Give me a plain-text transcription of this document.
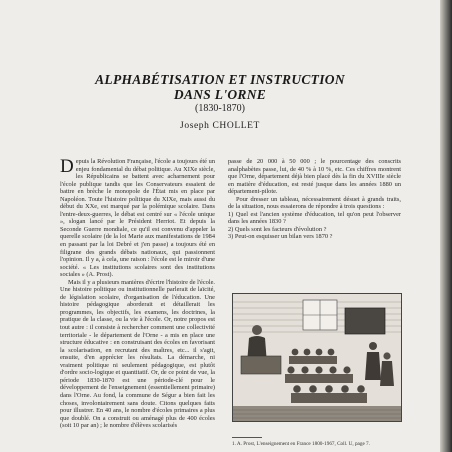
ALPHABÉTISATION ET INSTRUCTION
DANS L'ORNE
(1830-1870)
Joseph CHOLLET

Depuis la Révolution Française, l'école a toujours été un enjeu fondamental du débat politique. Au XIXe siècle, les Républicains se battent avec acharnement pour l'école publique tandis que les Conservateurs essaient de battre en brèche le monopole de l'État mis en place par Napoléon. Toute l'histoire politique du XIXe, mais aussi du début du XXe, est marqué par la polémique scolaire. Dans l'entre-deux-guerres, le débat est centré sur « l'école unique », slogan lancé par le Président Herriot. Et depuis la Seconde Guerre mondiale, ce qu'il est convenu d'appeler la querelle scolaire (de la loi Marie aux manifestations de 1984 en passant par la loi Debré et j'en passe) a toujours été en filigrane des grands débats nationaux, qui passionnent l'opinion. Il y a, à cela, une raison : l'école est le miroir d'une société. « Les institutions scolaires sont des institutions sociales » (A. Prost).

Mais il y a plusieurs manières d'écrire l'histoire de l'école. Une histoire politique ou institutionnelle parlerait de laïcité, de législation scolaire, d'organisation de l'éducation. Une histoire pédagogique aborderait et détaillerait les programmes, les objectifs, les examens, les doctrines, la pratique de la classe, ou la vie à l'école. Or, notre propos est tout autre : il consiste à rechercher comment une collectivité territoriale - le département de l'Orne - a mis en place une structure éducative : en construisant des écoles en favorisant la scolarisation, en recrutant des maîtres, etc... il s'agit, ensuite, d'en apprécier les résultats. La démarche, ni vraiment politique ni seulement pédagogique, est plutôt d'ordre socio-logique et quantitatif. Or, de ce point de vue, la période 1830-1870 est une période-clé pour le développement de l'enseignement (essentiellement primaire) dans l'Orne. Au fond, la commune de Ségur a bien fait les choses, involontairement sans doute. Citons quelques faits pour illustrer. En 40 ans, le nombre d'écoles primaires a plus que doublé. On a construit ou aménagé plus de 400 écoles (soit 10 par an) ; le nombre d'élèves scolarisés

passe de 20 000 à 50 000 ; le pourcentage des conscrits analphabètes passe, lui, de 40 % à 10 %, etc. Ces chiffres montrent que l'Orne, département déjà bien placé dès la fin du XVIIIe siècle en matière d'éducation, est resté jusque dans les années 1880 un département-pilote.

Pour dresser un tableau, nécessairement désuet à grands traits, de la situation, nous essaierons de répondre à trois questions :

1) Quel est l'ancien système d'éducation, tel qu'on peut l'observer dans les années 1830 ?

2) Quels sont les facteurs d'évolution ?

3) Peut-on esquisser un bilan vers 1870 ?

1. A. Prost, L'enseignement en France 1800-1967, Coll. U, page 7.
